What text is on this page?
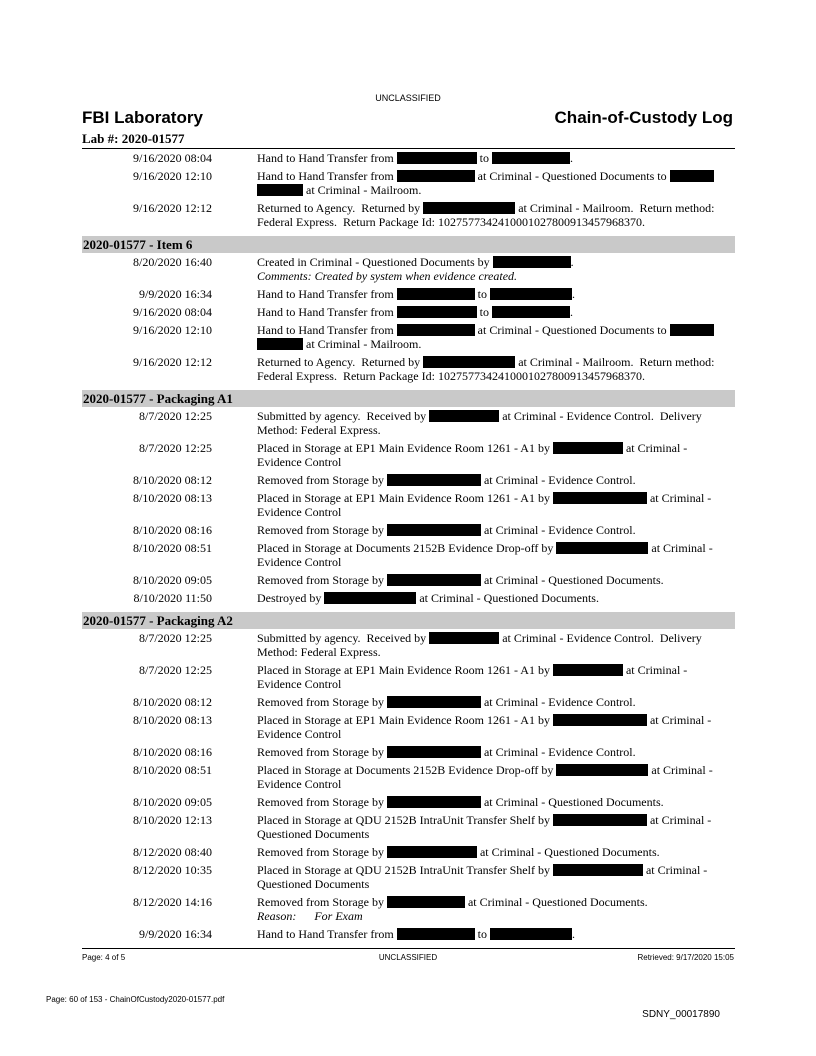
UNCLASSIFIED
FBI Laboratory	Chain-of-Custody Log
Lab #: 2020-01577
9/16/2020 08:04	Hand to Hand Transfer from	to	.
9/16/2020 12:10	Hand to Hand Transfer from	at Criminal - Questioned Documents to
at Criminal - Mailroom.
9/16/2020 12:12	Returned to Agency.  Returned by	at Criminal - Mailroom.  Return method:
Federal Express.  Return Package Id: 1027577342410001027800913457968370.
2020-01577 - Item 6
8/20/2020 16:40	Created in Criminal - Questioned Documents by	.
Comments: Created by system when evidence created.
9/9/2020 16:34	Hand to Hand Transfer from	to	.
9/16/2020 08:04	Hand to Hand Transfer from	to	.
9/16/2020 12:10	Hand to Hand Transfer from	at Criminal - Questioned Documents to
at Criminal - Mailroom.
9/16/2020 12:12	Returned to Agency.  Returned by	at Criminal - Mailroom.  Return method:
Federal Express.  Return Package Id: 1027577342410001027800913457968370.
2020-01577 - Packaging A1
8/7/2020 12:25	Submitted by agency.  Received by	at Criminal - Evidence Control.  Delivery
Method: Federal Express.
8/7/2020 12:25	Placed in Storage at EP1 Main Evidence Room 1261 - A1 by	at Criminal -
Evidence Control
8/10/2020 08:12	Removed from Storage by	at Criminal - Evidence Control.
8/10/2020 08:13	Placed in Storage at EP1 Main Evidence Room 1261 - A1 by	at Criminal -
Evidence Control
8/10/2020 08:16	Removed from Storage by	at Criminal - Evidence Control.
8/10/2020 08:51	Placed in Storage at Documents 2152B Evidence Drop-off by	at Criminal -
Evidence Control
8/10/2020 09:05	Removed from Storage by	at Criminal - Questioned Documents.
8/10/2020 11:50	Destroyed by	at Criminal - Questioned Documents.
2020-01577 - Packaging A2
8/7/2020 12:25	Submitted by agency.  Received by	at Criminal - Evidence Control.  Delivery
Method: Federal Express.
8/7/2020 12:25	Placed in Storage at EP1 Main Evidence Room 1261 - A1 by	at Criminal -
Evidence Control
8/10/2020 08:12	Removed from Storage by	at Criminal - Evidence Control.
8/10/2020 08:13	Placed in Storage at EP1 Main Evidence Room 1261 - A1 by	at Criminal -
Evidence Control
8/10/2020 08:16	Removed from Storage by	at Criminal - Evidence Control.
8/10/2020 08:51	Placed in Storage at Documents 2152B Evidence Drop-off by	at Criminal -
Evidence Control
8/10/2020 09:05	Removed from Storage by	at Criminal - Questioned Documents.
8/10/2020 12:13	Placed in Storage at QDU 2152B IntraUnit Transfer Shelf by	at Criminal -
Questioned Documents
8/12/2020 08:40	Removed from Storage by	at Criminal - Questioned Documents.
8/12/2020 10:35	Placed in Storage at QDU 2152B IntraUnit Transfer Shelf by	at Criminal -
Questioned Documents
8/12/2020 14:16	Removed from Storage by	at Criminal - Questioned Documents.
Reason:      For Exam
9/9/2020 16:34	Hand to Hand Transfer from	to	.
Page: 4 of 5	UNCLASSIFIED	Retrieved: 9/17/2020 15:05
Page: 60 of 153 - ChainOfCustody2020-01577.pdf
SDNY_00017890
